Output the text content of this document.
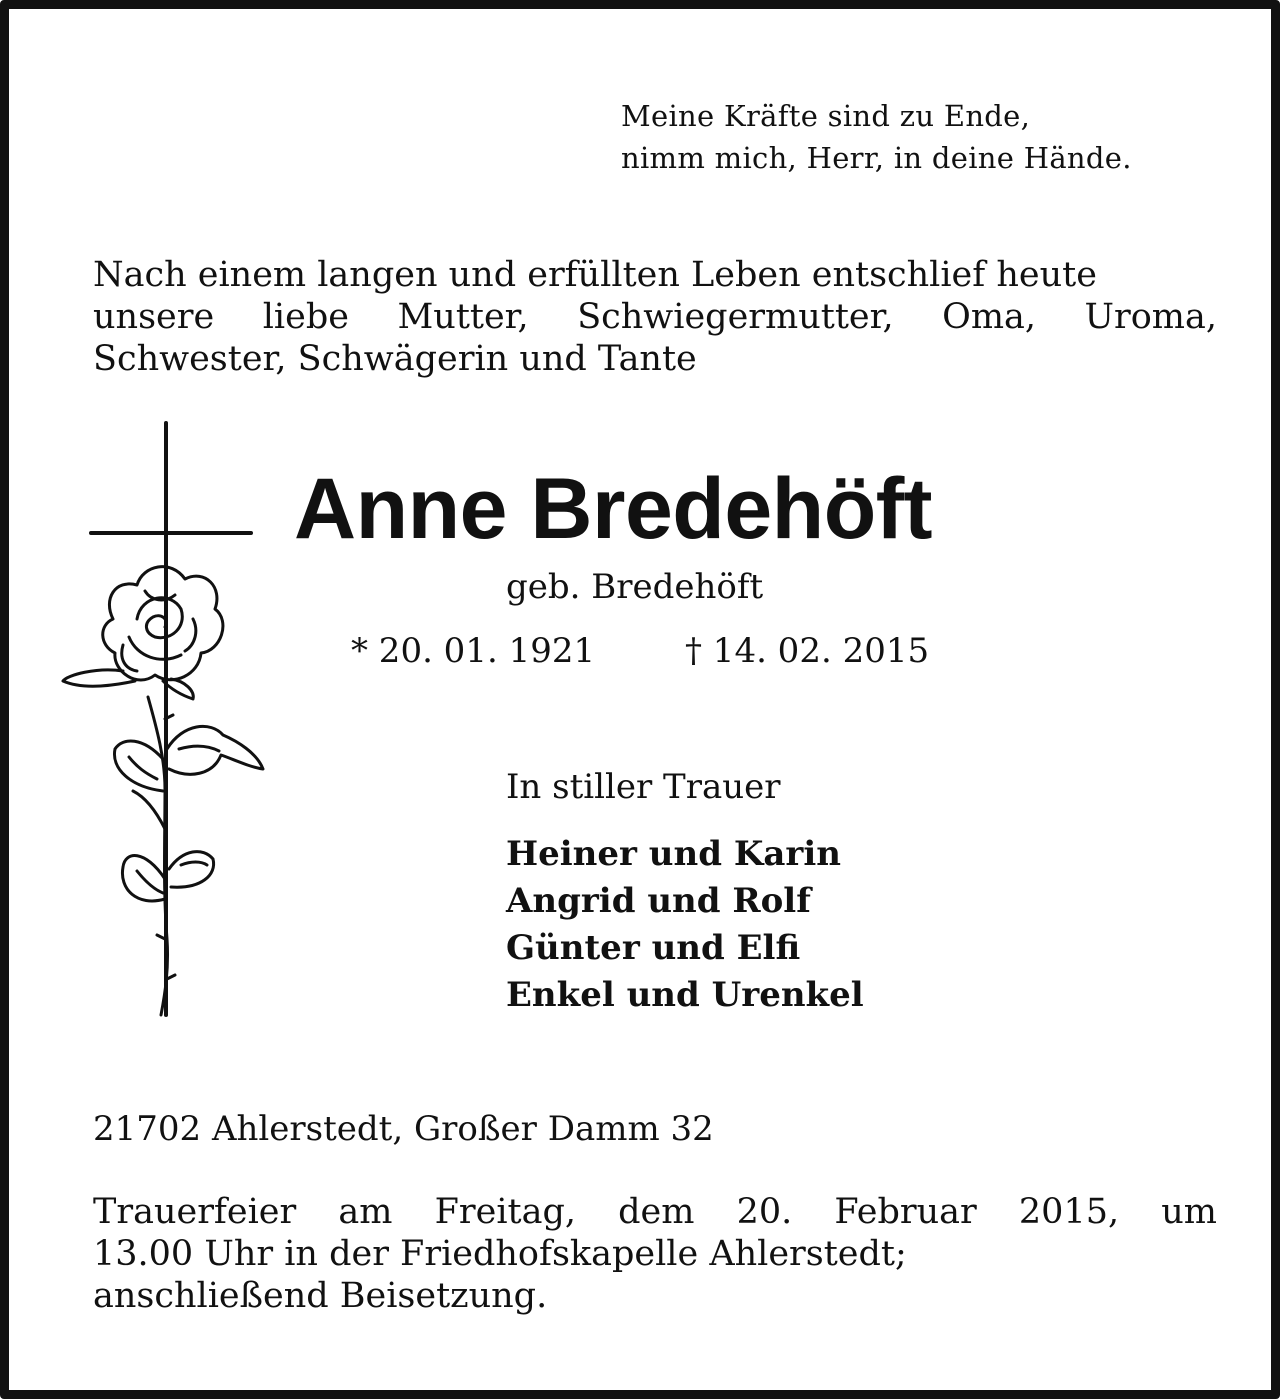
Meine Kräfte sind zu Ende,
nimm mich, Herr, in deine Hände.
Nach einem langen und erfüllten Leben entschlief heute
unsere liebe Mutter, Schwiegermutter, Oma, Uroma,
Schwester, Schwägerin und Tante
Anne Bredehöft
geb. Bredehöft
* 20. 01. 1921	† 14. 02. 2015
In stiller Trauer
Heiner und Karin
Angrid und Rolf
Günter und Elfi
Enkel und Urenkel
21702 Ahlerstedt, Großer Damm 32
Trauerfeier am Freitag, dem 20. Februar 2015, um
13.00 Uhr in der Friedhofskapelle Ahlerstedt;
anschließend Beisetzung.
